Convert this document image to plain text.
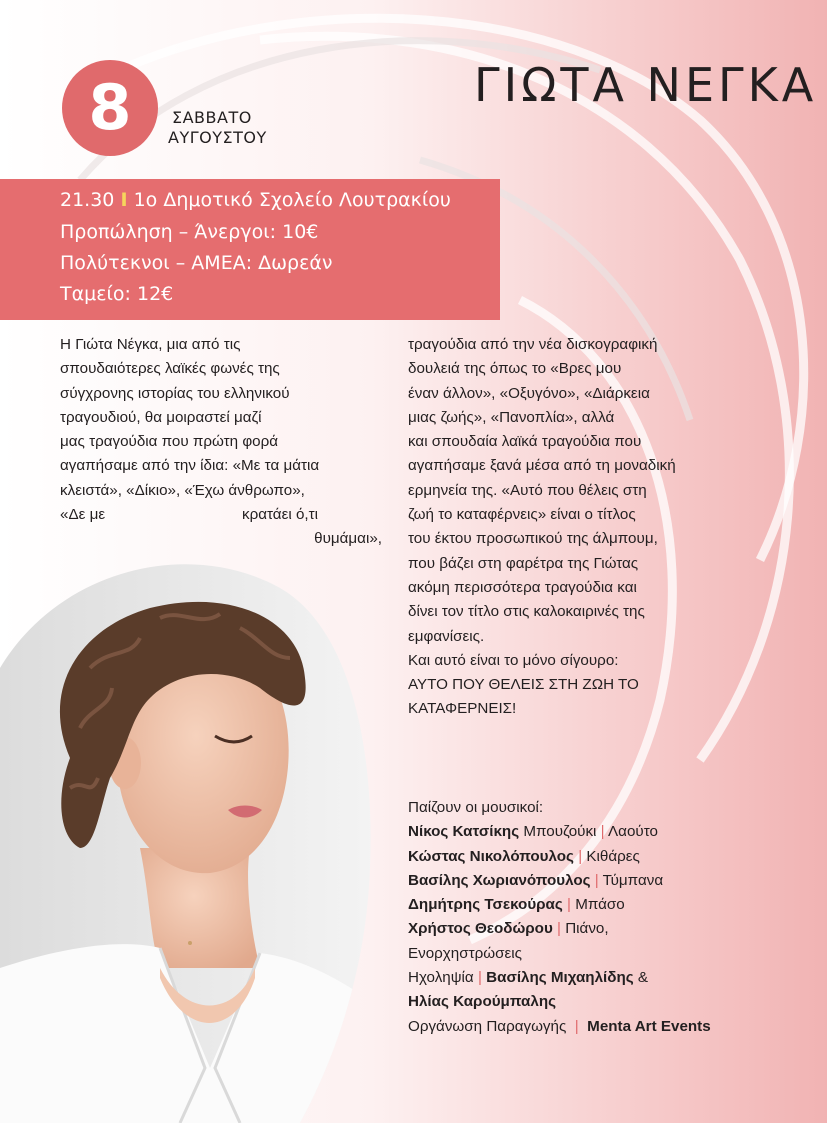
8	ΣΑΒΒΑΤΟ
ΑΥΓΟΥΣΤΟΥ
ΓΙΩΤΑ ΝΕΓΚΑ
21.30 I 1ο Δημοτικό Σχολείο Λουτρακίου
Προπώληση – Άνεργοι: 10€
Πολύτεκνοι – ΑΜΕΑ: Δωρεάν
Ταμείο: 12€

Η Γιώτα Νέγκα, μια από τις

σπουδαιότερες λαϊκές φωνές της

σύγχρονης ιστορίας του ελληνικού

τραγουδιού, θα μοιραστεί μαζί

μας τραγούδια που πρώτη φορά

αγαπήσαμε από την ίδια: «Με τα μάτια

κλειστά», «Δίκιο», «Έχω άνθρωπο»,

«Δε με	κρατάει ό,τι

θυμάμαι»,

τραγούδια από την νέα δισκογραφική

δουλειά της όπως το «Βρες μου

έναν άλλον», «Οξυγόνο», «Διάρκεια

μιας ζωής», «Πανοπλία», αλλά

και σπουδαία λαϊκά τραγούδια που

αγαπήσαμε ξανά μέσα από τη μοναδική

ερμηνεία της. «Αυτό που θέλεις στη

ζωή το καταφέρνεις» είναι ο τίτλος

του έκτου προσωπικού της άλμπουμ,

που βάζει στη φαρέτρα της Γιώτας

ακόμη περισσότερα τραγούδια και

δίνει τον τίτλο στις καλοκαιρινές της

εμφανίσεις.

Και αυτό είναι το μόνο σίγουρο:

ΑΥΤΟ ΠΟΥ ΘΕΛΕΙΣ ΣΤΗ ΖΩΗ ΤΟ

ΚΑΤΑΦΕΡΝΕΙΣ!

Παίζουν οι μουσικοί:
Νίκος Κατσίκης Μπουζούκι | Λαούτο
Κώστας Νικολόπουλος | Κιθάρες
Βασίλης Χωριανόπουλος | Τύμπανα
Δημήτρης Τσεκούρας | Μπάσο
Χρήστος Θεοδώρου | Πιάνο,
Ενορχηστρώσεις
Ηχοληψία | Βασίλης Μιχαηλίδης &
Ηλίας Καρούμπαλης
Οργάνωση Παραγωγής  |  Menta Art Events
